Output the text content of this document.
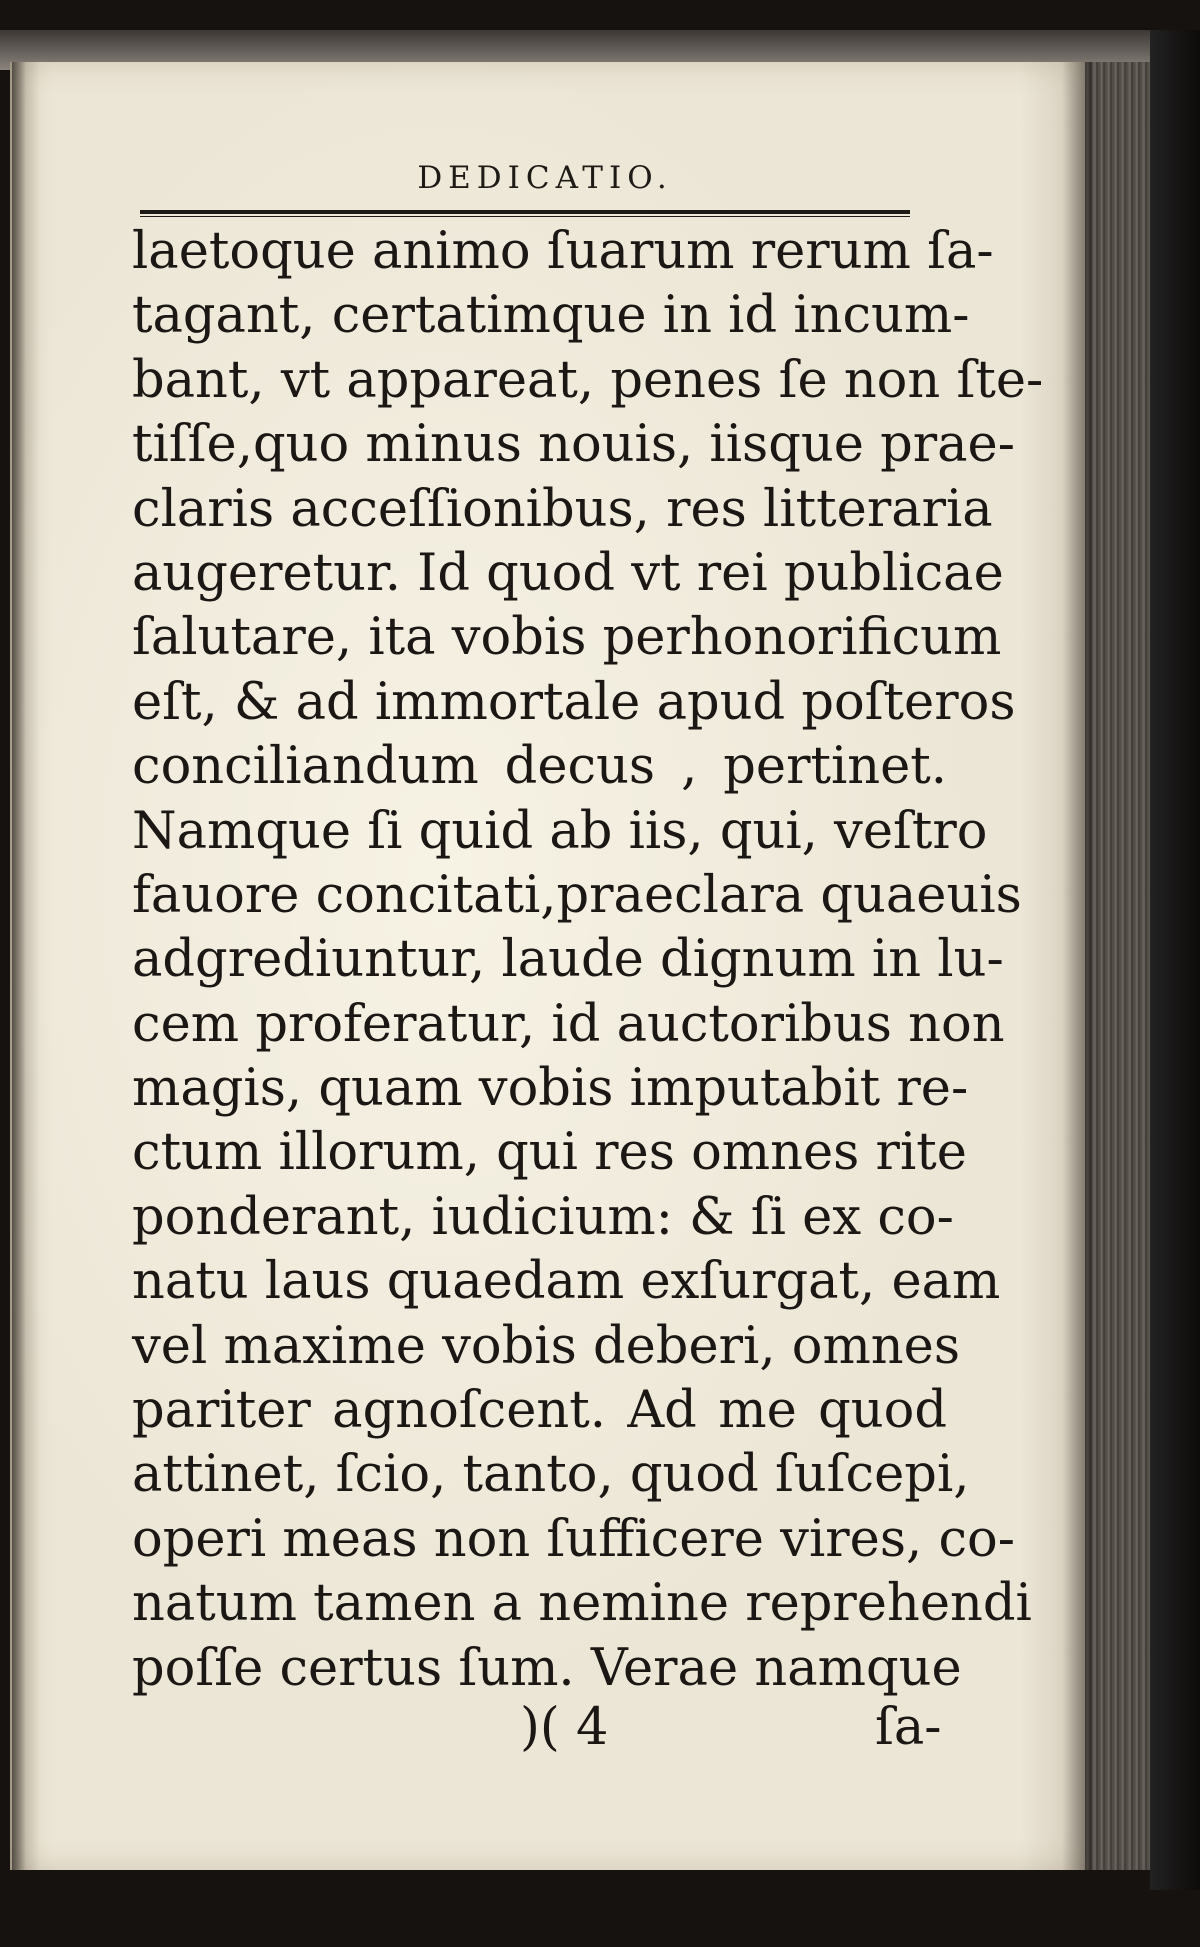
DEDICATIO.
laetoque animo ſuarum rerum ſa-
tagant, certatimque in id incum-
bant, vt appareat, penes ſe non ſte-
tiſſe,quo minus nouis, iisque prae-
claris acceſſionibus, res litteraria
augeretur. Id quod vt rei publicae
ſalutare, ita vobis perhonorificum
eſt, & ad immortale apud poſteros
conciliandum decus , pertinet.
Namque ſi quid ab iis, qui, veſtro
fauore concitati,praeclara quaeuis
adgrediuntur, laude dignum in lu-
cem proferatur, id auctoribus non
magis, quam vobis imputabit re-
ctum illorum, qui res omnes rite
ponderant, iudicium: & ſi ex co-
natu laus quaedam exſurgat, eam
vel maxime vobis deberi, omnes
pariter agnoſcent. Ad me quod
attinet, ſcio, tanto, quod ſuſcepi,
operi meas non ſufficere vires, co-
natum tamen a nemine reprehendi
poſſe certus ſum. Verae namque
)( 4	ſa-
